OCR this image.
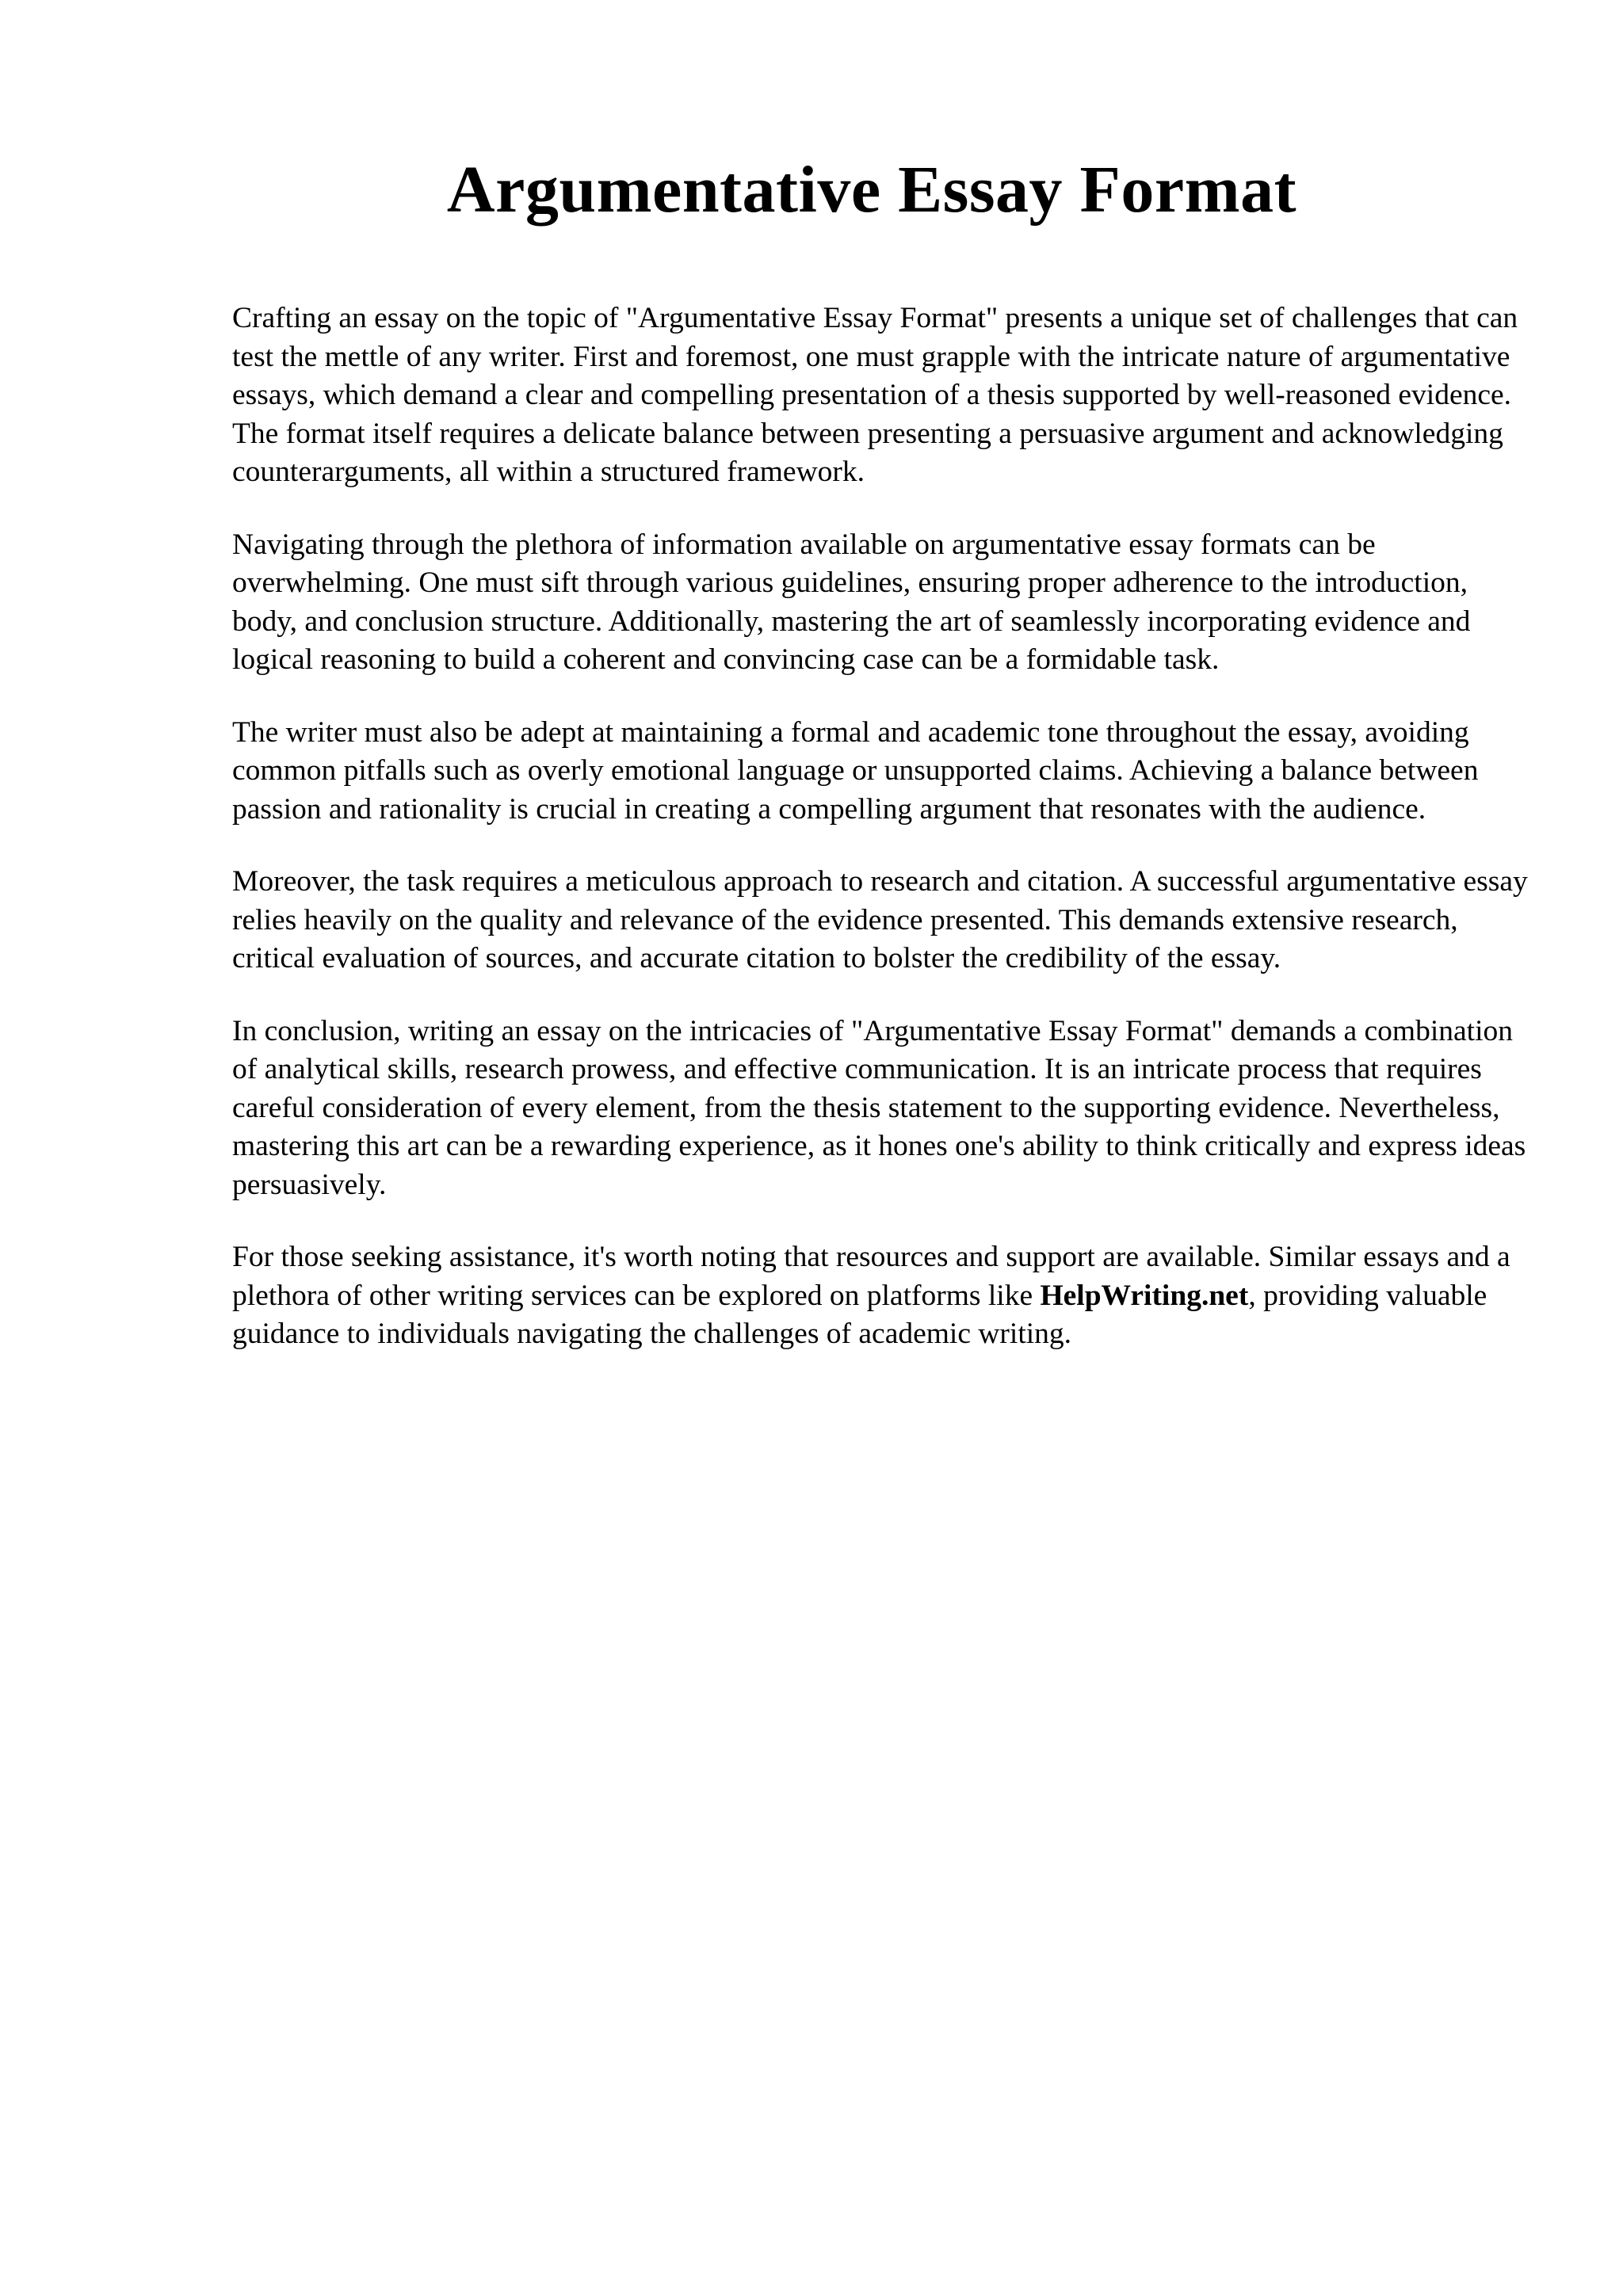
Argumentative Essay Format

Crafting an essay on the topic of "Argumentative Essay Format" presents a unique set of challenges that can test the mettle of any writer. First and foremost, one must grapple with the intricate nature of argumentative essays, which demand a clear and compelling presentation of a thesis supported by well-reasoned evidence. The format itself requires a delicate balance between presenting a persuasive argument and acknowledging counterarguments, all within a structured framework.

Navigating through the plethora of information available on argumentative essay formats can be overwhelming. One must sift through various guidelines, ensuring proper adherence to the introduction, body, and conclusion structure. Additionally, mastering the art of seamlessly incorporating evidence and logical reasoning to build a coherent and convincing case can be a formidable task.

The writer must also be adept at maintaining a formal and academic tone throughout the essay, avoiding common pitfalls such as overly emotional language or unsupported claims. Achieving a balance between passion and rationality is crucial in creating a compelling argument that resonates with the audience.

Moreover, the task requires a meticulous approach to research and citation. A successful argumentative essay relies heavily on the quality and relevance of the evidence presented. This demands extensive research, critical evaluation of sources, and accurate citation to bolster the credibility of the essay.

In conclusion, writing an essay on the intricacies of "Argumentative Essay Format" demands a combination of analytical skills, research prowess, and effective communication. It is an intricate process that requires careful consideration of every element, from the thesis statement to the supporting evidence. Nevertheless, mastering this art can be a rewarding experience, as it hones one's ability to think critically and express ideas persuasively.

For those seeking assistance, it's worth noting that resources and support are available. Similar essays and a plethora of other writing services can be explored on platforms like HelpWriting.net, providing valuable guidance to individuals navigating the challenges of academic writing.
